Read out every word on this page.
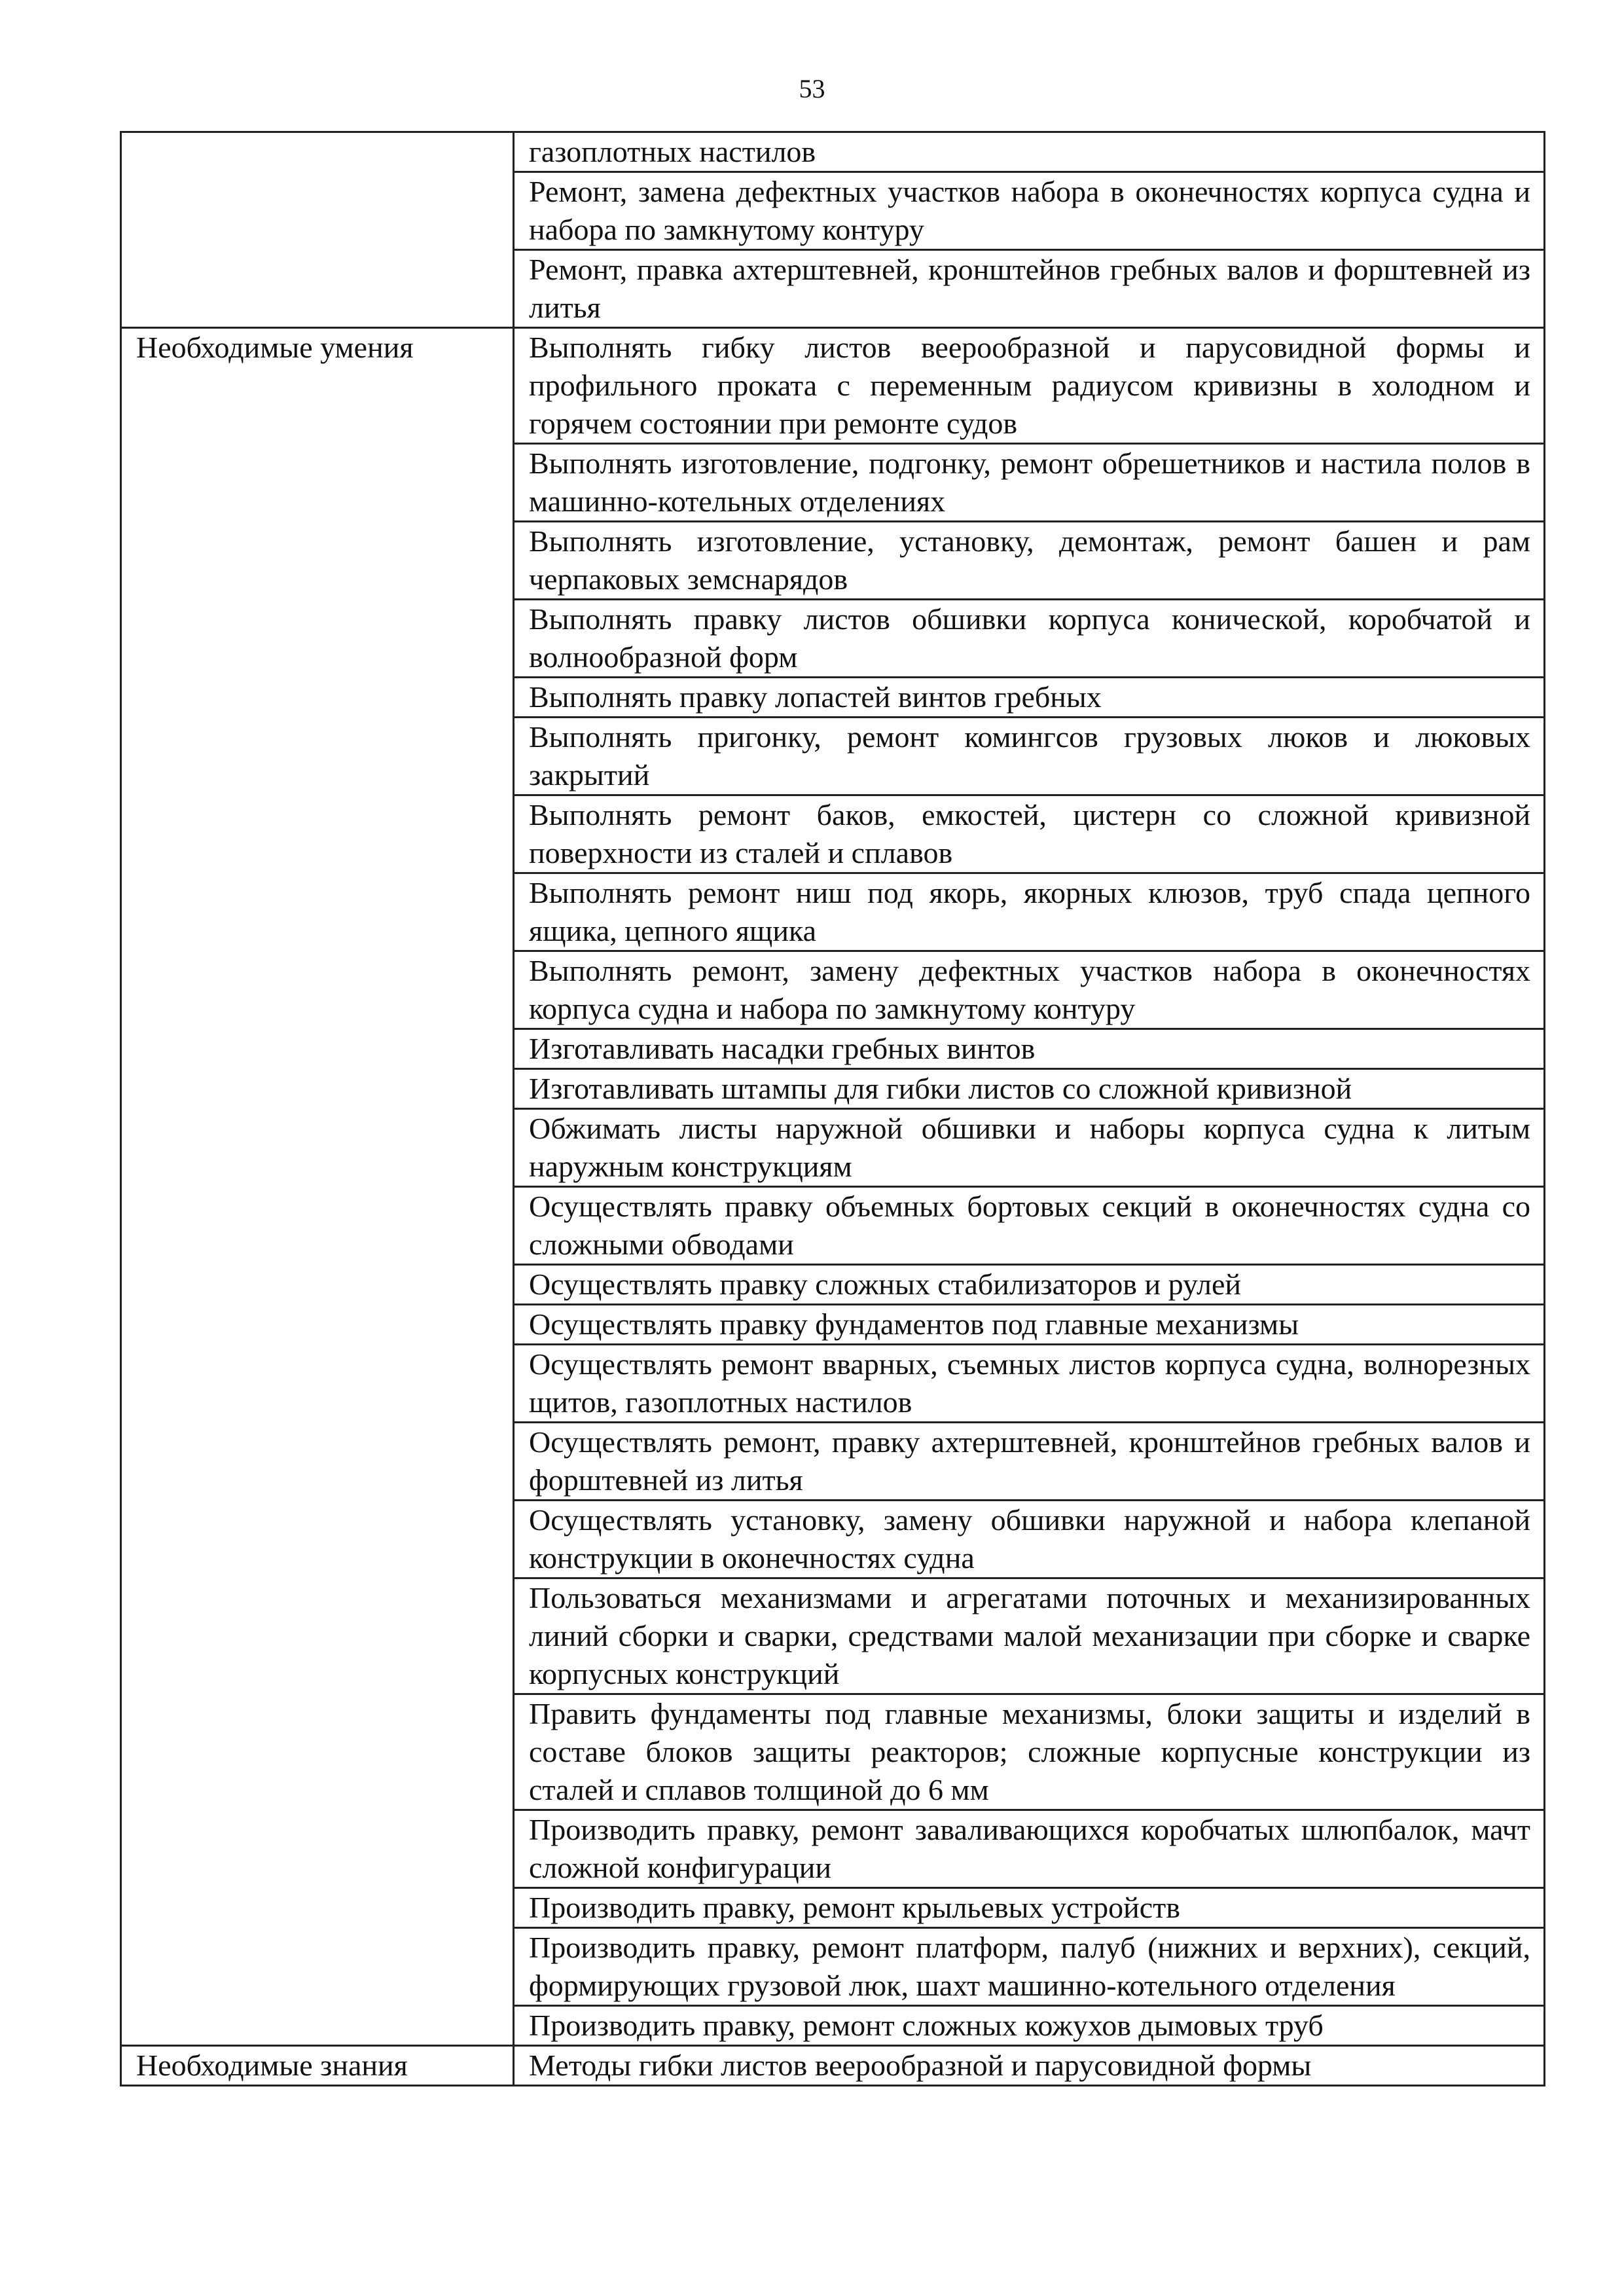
53

	газоплотных настилов

	Ремонт, замена дефектных участков набора в оконечностях корпуса судна и набора по замкнутому контуру

	Ремонт, правка ахтерштевней, кронштейнов гребных валов и форштевней из литья

Необходимые умения	Выполнять гибку листов веерообразной и парусовидной формы и профильного проката с переменным радиусом кривизны в холодном и горячем состоянии при ремонте судов

	Выполнять изготовление, подгонку, ремонт обрешетников и настила полов в машинно-котельных отделениях

	Выполнять изготовление, установку, демонтаж, ремонт башен и рам черпаковых земснарядов

	Выполнять правку листов обшивки корпуса конической, коробчатой и волнообразной форм

	Выполнять правку лопастей винтов гребных

	Выполнять пригонку, ремонт комингсов грузовых люков и люковых закрытий

	Выполнять ремонт баков, емкостей, цистерн со сложной кривизной поверхности из сталей и сплавов

	Выполнять ремонт ниш под якорь, якорных клюзов, труб спада цепного ящика, цепного ящика

	Выполнять ремонт, замену дефектных участков набора в оконечностях корпуса судна и набора по замкнутому контуру

	Изготавливать насадки гребных винтов

	Изготавливать штампы для гибки листов со сложной кривизной

	Обжимать листы наружной обшивки и наборы корпуса судна к литым наружным конструкциям

	Осуществлять правку объемных бортовых секций в оконечностях судна со сложными обводами

	Осуществлять правку сложных стабилизаторов и рулей

	Осуществлять правку фундаментов под главные механизмы

	Осуществлять ремонт вварных, съемных листов корпуса судна, волнорезных щитов, газоплотных настилов

	Осуществлять ремонт, правку ахтерштевней, кронштейнов гребных валов и форштевней из литья

	Осуществлять установку, замену обшивки наружной и набора клепаной конструкции в оконечностях судна

	Пользоваться механизмами и агрегатами поточных и механизированных линий сборки и сварки, средствами малой механизации при сборке и сварке корпусных конструкций

	Править фундаменты под главные механизмы, блоки защиты и изделий в составе блоков защиты реакторов; сложные корпусные конструкции из сталей и сплавов толщиной до 6 мм

	Производить правку, ремонт заваливающихся коробчатых шлюпбалок, мачт сложной конфигурации

	Производить правку, ремонт крыльевых устройств

	Производить правку, ремонт платформ, палуб (нижних и верхних), секций, формирующих грузовой люк, шахт машинно-котельного отделения

	Производить правку, ремонт сложных кожухов дымовых труб

Необходимые знания	Методы гибки листов веерообразной и парусовидной формы
